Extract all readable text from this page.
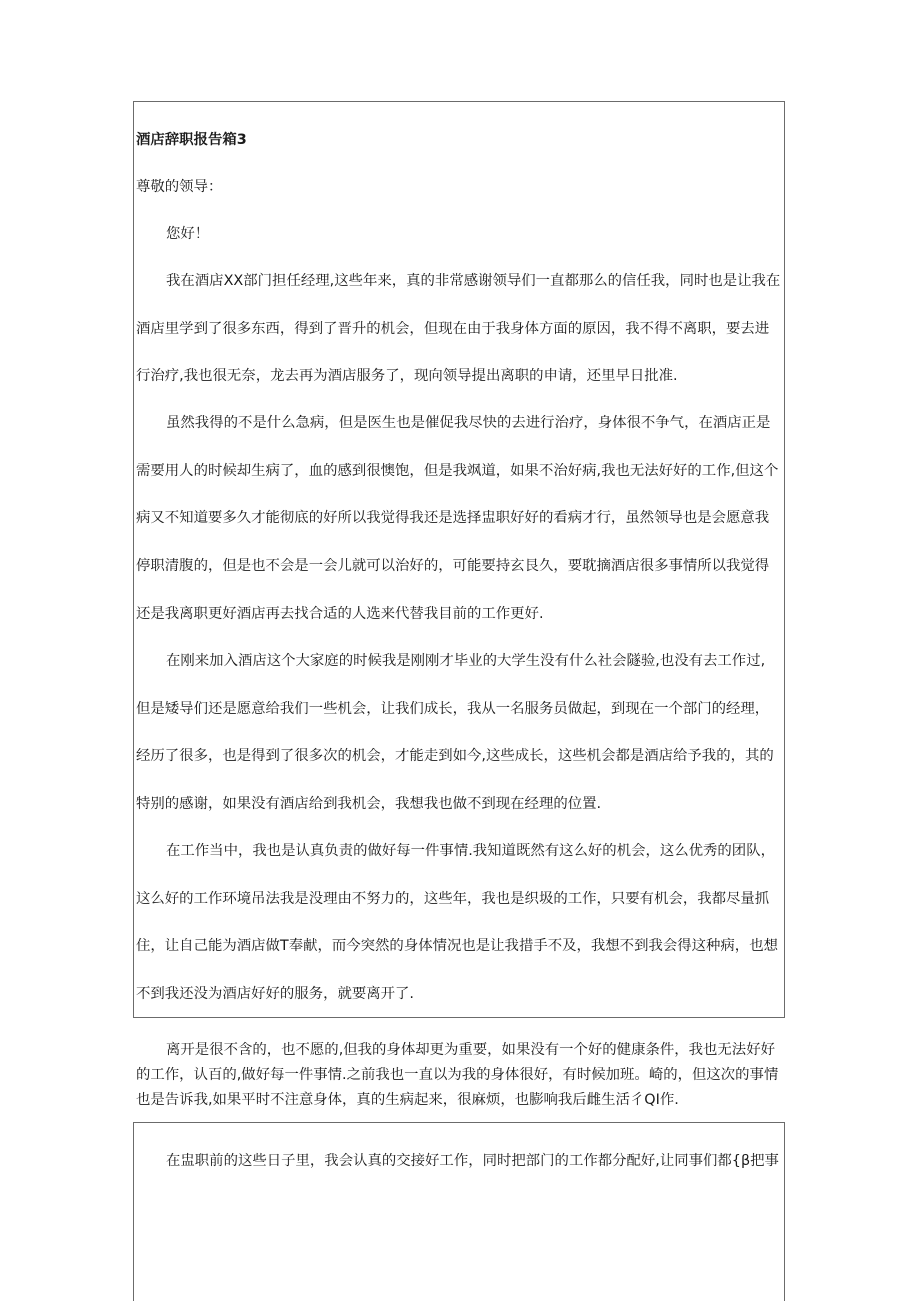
酒店辞职报告箱3
尊敬的领导：
您好！
我在酒店XX部门担任经理,这些年来，真的非常感谢领导们一直都那么的信任我，同时也是让我在
酒店里学到了很多东西，得到了晋升的机会，但现在由于我身体方面的原因，我不得不离职，要去进
行治疗,我也很无奈，龙去再为酒店服务了，现向领导提出离职的申请，还里早日批准.
虽然我得的不是什么急病，但是医生也是催促我尽快的去进行治疗，身体很不争气，在酒店正是
需要用人的时候却生病了，血的感到很懊饱，但是我飒道，如果不治好病,我也无法好好的工作,但这个
病又不知道要多久才能彻底的好所以我觉得我还是选择盅职好好的看病才行，虽然领导也是会愿意我
停职清腹的，但是也不会是一会儿就可以治好的，可能要持玄艮久，要耽摘酒店很多事情所以我觉得
还是我离职更好酒店再去找合适的人选来代替我目前的工作更好.
在刚来加入酒店这个大家庭的时候我是刚刚才毕业的大学生没有什么社会隧验,也没有去工作过,
但是矮导们还是愿意给我们一些机会，让我们成长，我从一名服务员做起，到现在一个部门的经理，
经历了很多，也是得到了很多次的机会，才能走到如今,这些成长，这些机会都是酒店给予我的，其的
特别的感谢，如果没有酒店给到我机会，我想我也做不到现在经理的位置.
在工作当中，我也是认真负责的做好每一件事情.我知道既然有这么好的机会，这么优秀的团队，
这么好的工作环境吊法我是没理由不努力的，这些年，我也是织圾的工作，只要有机会，我都尽量抓
住，让自己能为酒店做T奉献，而今突然的身体情况也是让我措手不及，我想不到我会得这种病，也想
不到我还没为酒店好好的服务，就要离开了.
离开是很不含的，也不愿的,但我的身体却更为重要，如果没有一个好的健康条件，我也无法好好
的工作，认百的,做好每一件事情.之前我也一直以为我的身体很好，有时候加班。崎的，但这次的事情
也是告诉我,如果平时不注意身体，真的生病起来，很麻烦，也膨响我后雌生活彳QI作.
在盅职前的这些日子里，我会认真的交接好工作，同时把部门的工作都分配好,让同事们都{β把事
